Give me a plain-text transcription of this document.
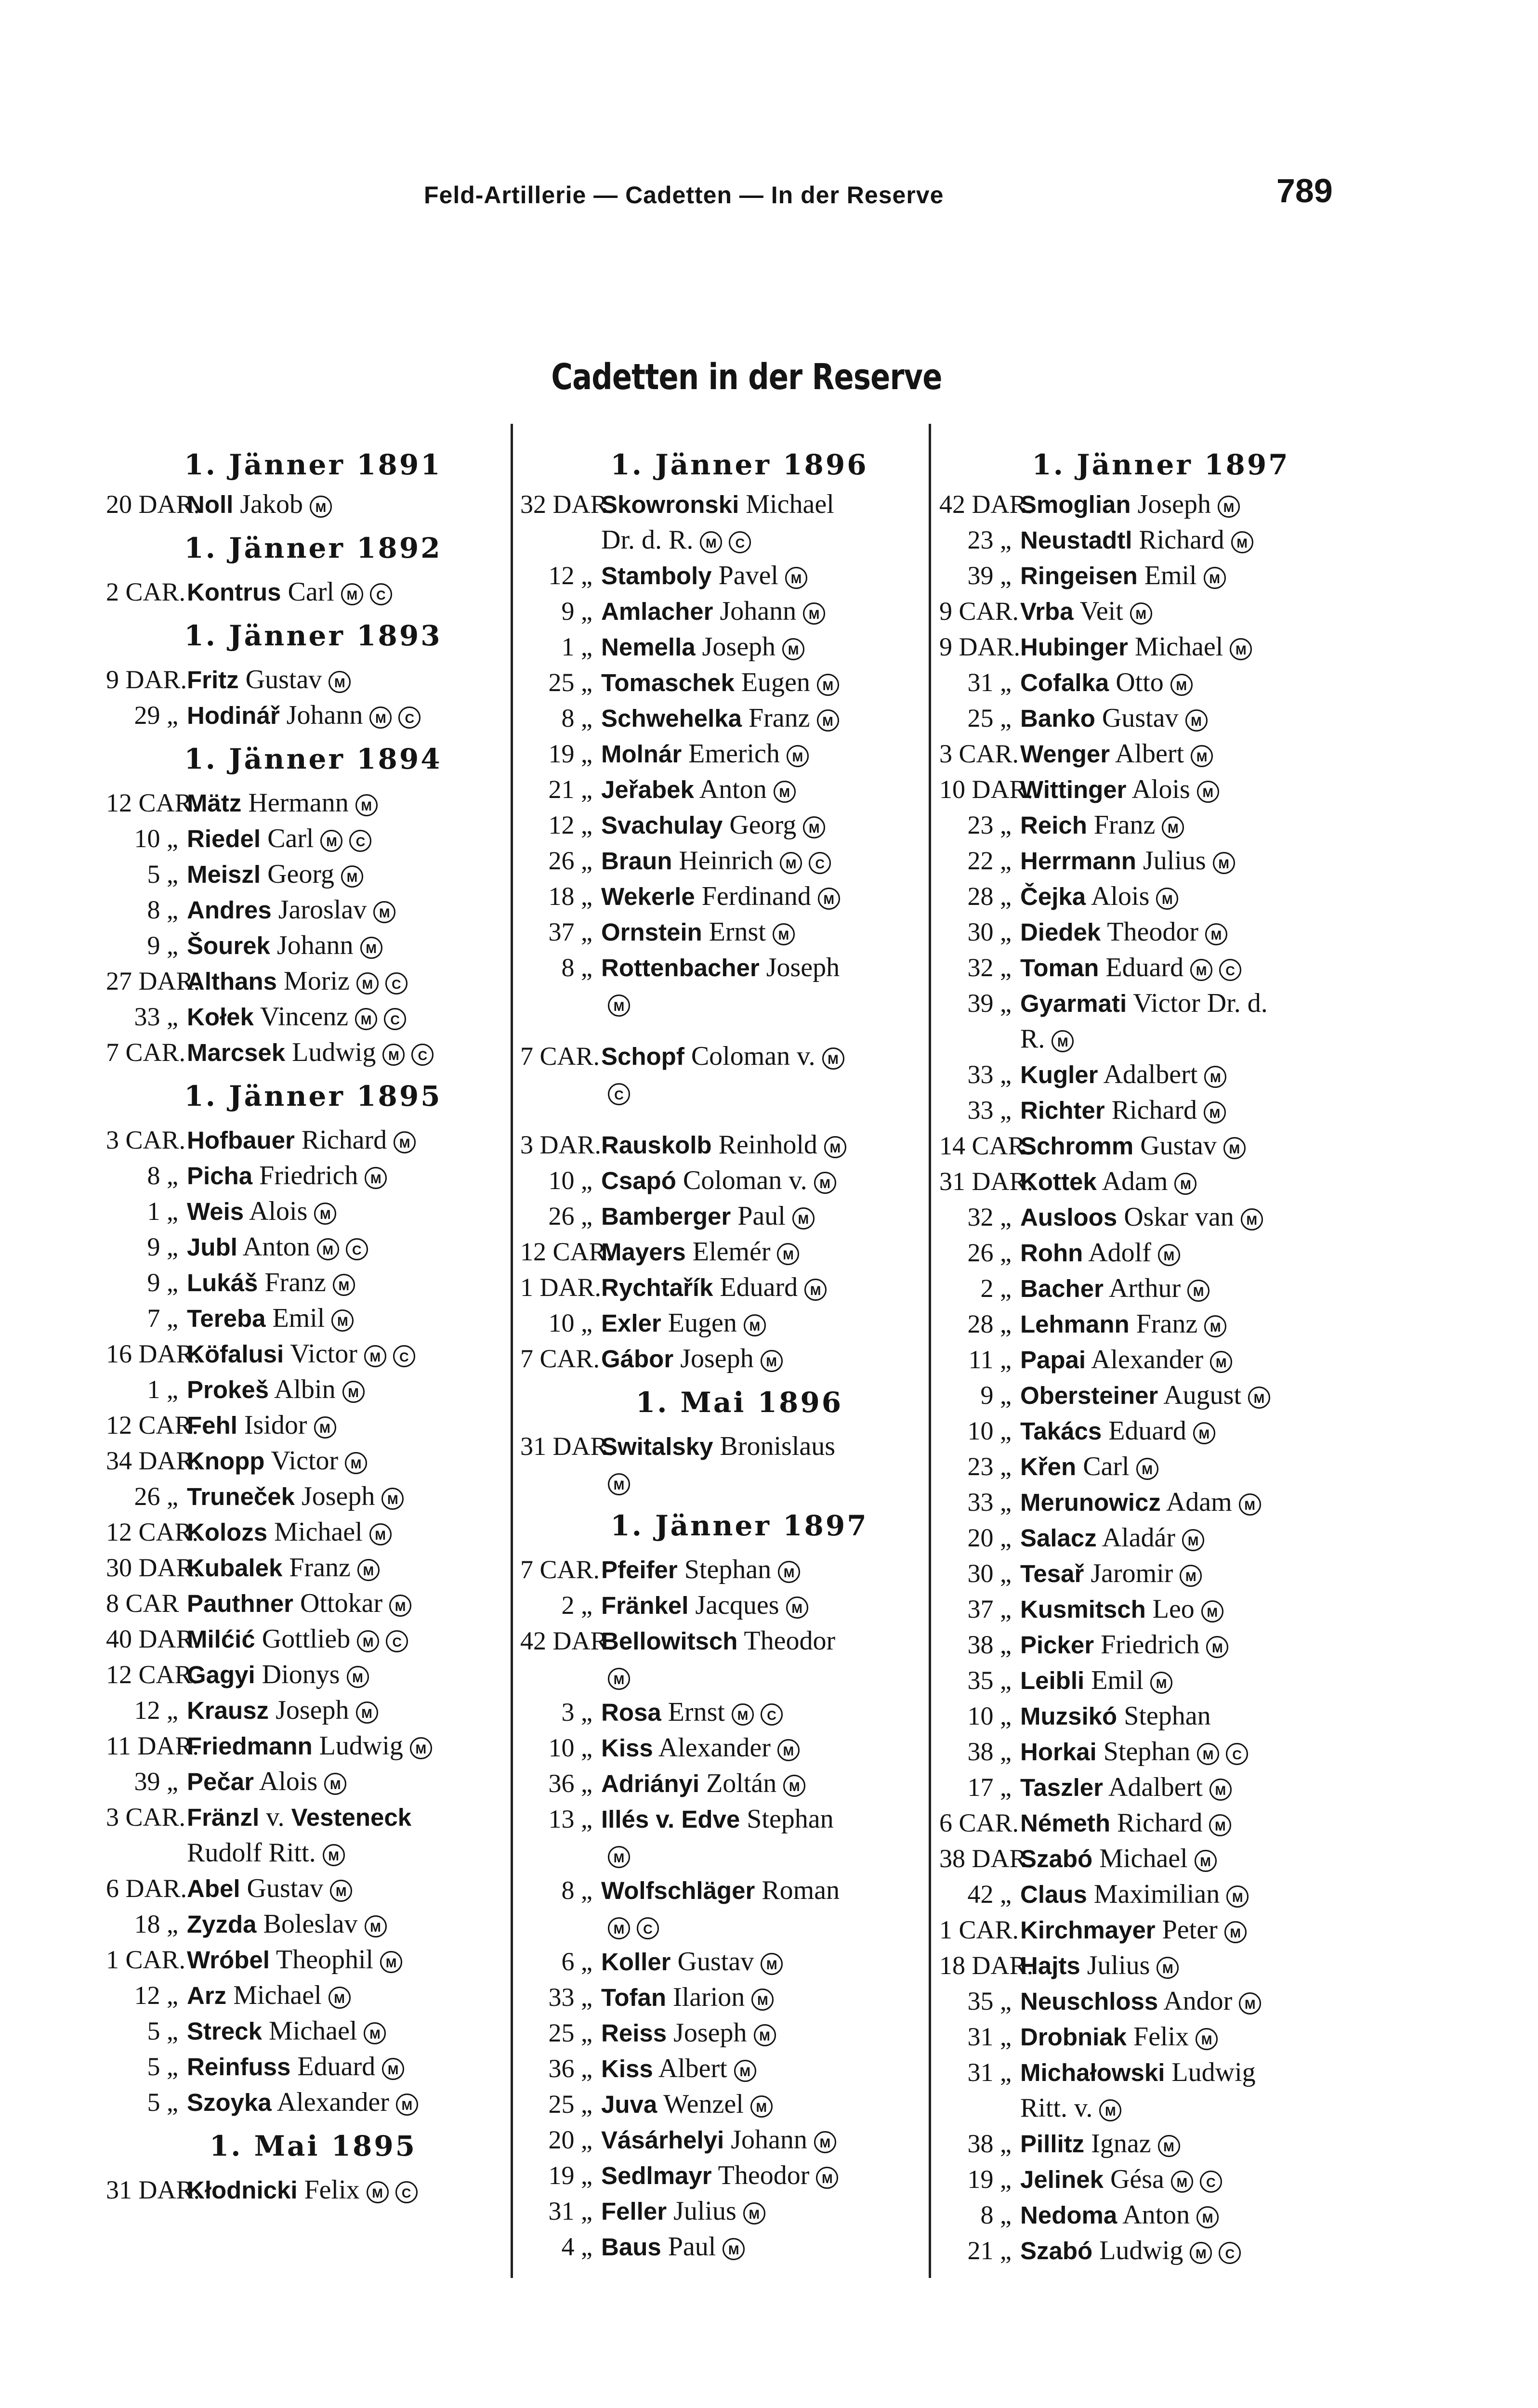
Feld-Artillerie — Cadetten — In der Reserve	789
Cadetten in der Reserve
1. Jänner 1891
20 DAR.
Noll Jakob M
1. Jänner 1892
2 CAR. Kontrus Carl M C
1. Jänner 1893
9 DAR. Fritz Gustav M
29 „ Hodinář Johann M C
1. Jänner 1894
12 CAR.
Mätz Hermann M
10 „ Riedel Carl M C
5 „ Meiszl Georg M
8 „ Andres Jaroslav M
9 „ Šourek Johann M
27 DAR.
Althans Moriz M C
33 „ Kołek Vincenz M C
7 CAR. Marcsek Ludwig M C
1. Jänner 1895
3 CAR. Hofbauer Richard M
8 „ Picha Friedrich M
1 „ Weis Alois M
9 „ Jubl Anton M C
9 „ Lukáš Franz M
7 „ Tereba Emil M
16 DAR.
Köfalusi Victor M C
1 „ Prokeš Albin M
12 CAR.
Fehl Isidor M
34 DAR.
Knopp Victor M
26 „ Trunеček Joseph M
12 CAR.
Kolozs Michael M
30 DAR.
Kubalek Franz M
8 CAR Pauthner Ottokar M
40 DAR.
Milćić Gottlieb M C
12 CAR.
Gagyi Dionys M
12 „ Krausz Joseph M
11 DAR.
Friedmann Ludwig M
39 „ Pečar Alois M
3 CAR. Fränzl v. Vesteneck
Rudolf Ritt. M
6 DAR. Abel Gustav M
18 „ Zyzda Boleslav M
1 CAR. Wróbel Theophil M
12 „ Arz Michael M
5 „ Streck Michael M
5 „ Reinfuss Eduard M
5 „ Szoyka Alexander M
1. Mai 1895
31 DAR.
Kłodnicki Felix M C
1. Jänner 1896
32 DAR.
Skowronski Michael
Dr. d. R. M C
12 „ Stamboly Pavel M
9 „ Amlacher Johann M
1 „ Nemella Joseph M
25 „ Tomaschek Eugen M
8 „ Schwehelka Franz M
19 „ Molnár Emerich M
21 „ Jeřabek Anton M
12 „ Svachulay Georg M
26 „ Braun Heinrich M C
18 „ Wekerle Ferdinand M
37 „ Ornstein Ernst M
8 „ Rottenbacher Joseph
M
7 CAR. Schopf Coloman v. M
C
3 DAR. Rauskolb Reinhold M
10 „ Csapó Coloman v. M
26 „ Bamberger Paul M
12 CAR.
Mayers Elemér M
1 DAR. Rychtařík Eduard M
10 „ Exler Eugen M
7 CAR. Gábor Joseph M
1. Mai 1896
31 DAR.
Switalsky Bronislaus
M
1. Jänner 1897
7 CAR. Pfeifer Stephan M
2 „ Fränkel Jacques M
42 DAR.
Bellowitsch Theodor
M
3 „ Rosa Ernst M C
10 „ Kiss Alexander M
36 „ Adriányi Zoltán M
13 „ Illés v. Edve Stephan
M
8 „ Wolfschläger Roman
M C
6 „ Koller Gustav M
33 „ Tofan Ilarion M
25 „ Reiss Joseph M
36 „ Kiss Albert M
25 „ Juva Wenzel M
20 „ Vásárhelyi Johann M
19 „ Sedlmayr Theodor M
31 „ Feller Julius M
4 „ Baus Paul M
1. Jänner 1897
42 DAR.
Smoglian Joseph M
23 „ Neustadtl Richard M
39 „ Ringeisen Emil M
9 CAR. Vrba Veit M
9 DAR. Hubinger Michael M
31 „ Cofalka Otto M
25 „ Banko Gustav M
3 CAR. Wenger Albert M
10 DAR.
Wittinger Alois M
23 „ Reich Franz M
22 „ Herrmann Julius M
28 „ Čejka Alois M
30 „ Diedek Theodor M
32 „ Toman Eduard M C
39 „ Gyarmati Victor Dr. d.
R. M
33 „ Kugler Adalbert M
33 „ Richter Richard M
14 CAR.
Schromm Gustav M
31 DAR.
Kottek Adam M
32 „ Ausloos Oskar van M
26 „ Rohn Adolf M
2 „ Bacher Arthur M
28 „ Lehmann Franz M
11 „ Papai Alexander M
9 „ Obersteiner August M
10 „ Takács Eduard M
23 „ Křen Carl M
33 „ Merunowicz Adam M
20 „ Salacz Aladár M
30 „ Tesař Jaromir M
37 „ Kusmitsch Leo M
38 „ Picker Friedrich M
35 „ Leibli Emil M
10 „ Muzsikó Stephan
38 „ Horkai Stephan M C
17 „ Taszler Adalbert M
6 CAR. Németh Richard M
38 DAR.
Szabó Michael M
42 „ Claus Maximilian M
1 CAR. Kirchmayer Peter M
18 DAR.
Hajts Julius M
35 „ Neuschloss Andor M
31 „ Drobniak Felix M
31 „ Michałowski Ludwig
Ritt. v. M
38 „ Pillitz Ignaz M
19 „ Jelinek Gésa M C
8 „ Nedoma Anton M
21 „ Szabó Ludwig M C
